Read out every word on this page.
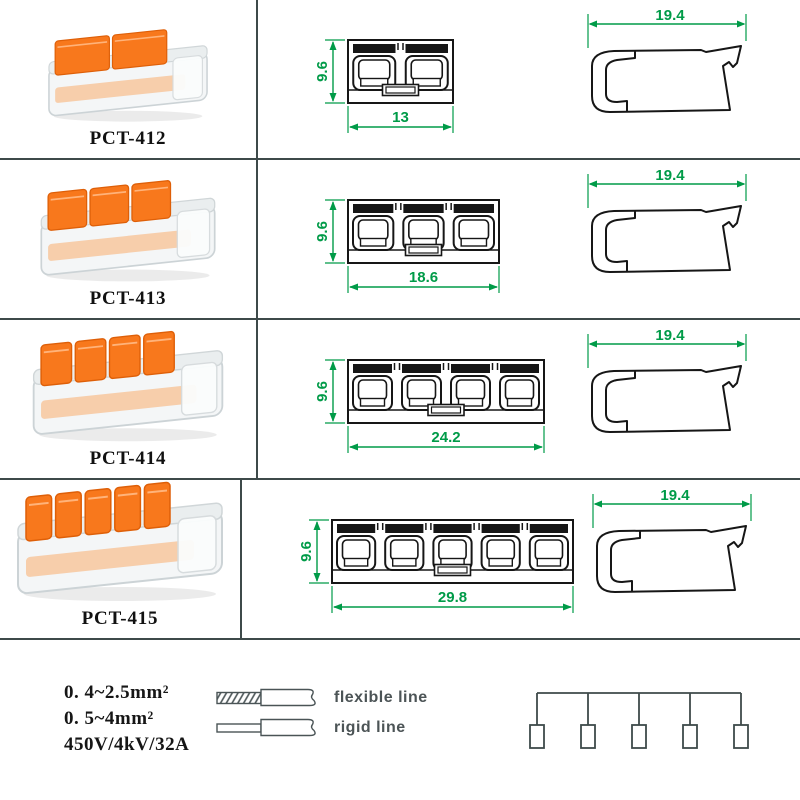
PCT-412
9.6
13
19.4
PCT-413
9.6
18.6
19.4
PCT-414
9.6
24.2
19.4
PCT-415
9.6
29.8
19.4
0. 4~2.5mm²
0. 5~4mm²
450V/4kV/32A
flexible line
rigid line
